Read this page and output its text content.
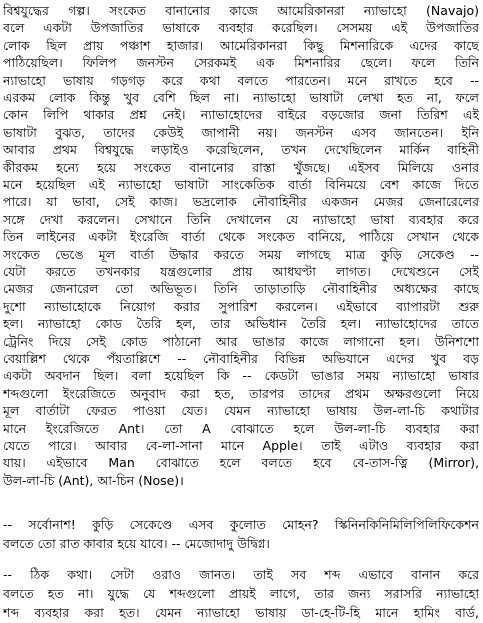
বিশ্বযুদ্ধের গল্প। সংকেত বানানোর কাজে আমেরিকানরা ন্যাভাহো (Navajo)
বলে একটা উপজাতির ভাষাকে ব্যবহার করেছিল। সেসময় এই উপজাতির
লোক ছিল প্রায় পঞ্চাশ হাজার। আমেরিকানরা কিছু মিশনারিকে এদের কাছে
পাঠিয়েছিল। ফিলিপ জনস্টন সেরকমই এক মিশনারির ছেলে। ফলে তিনি
ন্যাভাহো ভাষায় গড়গড় করে কথা বলতে পারতেন। মনে রাখতে হবে --
এরকম লোক কিন্তু খুব বেশি ছিল না। ন্যাভাহো ভাষাটা লেখা হত না, ফলে
কোন লিপি থাকার প্রশ্ন নেই। ন্যাভাহোদের বাইরে বড়জোর জনা তিরিশ এই
ভাষাটা বুঝত, তাদের কেউই জাপানী নয়। জনস্টন এসব জানতেন। ইনি
আবার প্রথম বিশ্বযুদ্ধে লড়াইও করেছিলেন, তখন দেখেছিলেন মার্কিন বাহিনী
কীরকম হন্যে হয়ে সংকেত বানানোর রাস্তা খুঁজছে। এইসব মিলিয়ে ওনার
মনে হয়েছিল এই ন্যাভাহো ভাষাটা সাংকেতিক বার্তা বিনিময়ে বেশ কাজে দিতে
পারে। যা ভাবা, সেই কাজ। ভদ্রলোক নৌবাহিনীর একজন মেজর জেনারেলের
সঙ্গে দেখা করলেন। সেখানে তিনি দেখালেন যে ন্যাভাহো ভাষা ব্যবহার করে
তিন লাইনের একটা ইংরেজি বার্তা থেকে সংকেত বানিয়ে, পাঠিয়ে সেখান থেকে
সংকেত ভেঙে মূল বার্তা উদ্ধার করতে সময় লাগছে মাত্র কুড়ি সেকেণ্ড --
যেটা করতে তখনকার যন্ত্রগুলোর প্রায় আধঘণ্টা লাগত। দেখেশুনে সেই
মেজর জেনারেল তো অভিভূত। তিনি তাড়াতাড়ি নৌবাহিনীর অধ্যক্ষের কাছে
দুশো ন্যাভাহোকে নিয়োগ করার সুপারিশ করলেন। এইভাবে ব্যাপারটা শুরু
হল। ন্যাভাহো কোড তৈরি হল, তার অভিধান তৈরি হল। ন্যাভাহোদের তাতে
ট্রেনিং দিয়ে সেই কোড পাঠানো আর ভাঙার কাজে লাগানো হল। উনিশশো
বেয়াল্লিশ থেকে পঁয়তাল্লিশে -- নৌবাহিনীর বিভিন্ন অভিযানে এদের খুব বড়
একটা অবদান ছিল। বলা হয়েছিল কি -- কেডটা ভাঙার সময় ন্যাভাহো ভাষার
শব্দগুলো ইংরেজিতে অনুবাদ করা হত, তারপর তাদের প্রথম অক্ষরগুলো নিয়ে
মূল বার্তাটা ফেরত পাওয়া যেত। যেমন ন্যাভাহো ভাষায় উল-লা-চি কথাটার
মানে ইংরেজিতে Ant। তো A বোঝাতে হলে উল-লা-চি ব্যবহার করা
যেতে পারে। আবার বে-লা-সানা মানে Apple। তাই এটাও ব্যবহার করা
যায়। এইভাবে Man বোঝাতে হলে বলতে হবে বে-তাস-ত্নি (Mirror),
উল-লা-চি (Ant), আ-চিন (Nose)।
-- সর্বোনাশ! কুড়ি সেকেণ্ডে এসব কুলোত মোহন? স্কিনিনকিনিমিলিপিলিফিকেশন
বলতে তো রাত কাবার হয়ে যাবে। -- মেজোদাদু উদ্বিগ্ন।
-- ঠিক কথা। সেটা ওরাও জানত। তাই সব শব্দ এভাবে বানান করে
বলতে হত না। যুদ্ধে যে শব্দগুলো প্রায়ই লাগে, তার জন্য সরাসরি ন্যাভাহো
শব্দ ব্যবহার করা হত। যেমন ন্যাভাহো ভাষায় ডা-হে-টি-হি মানে হামিং বার্ড,
